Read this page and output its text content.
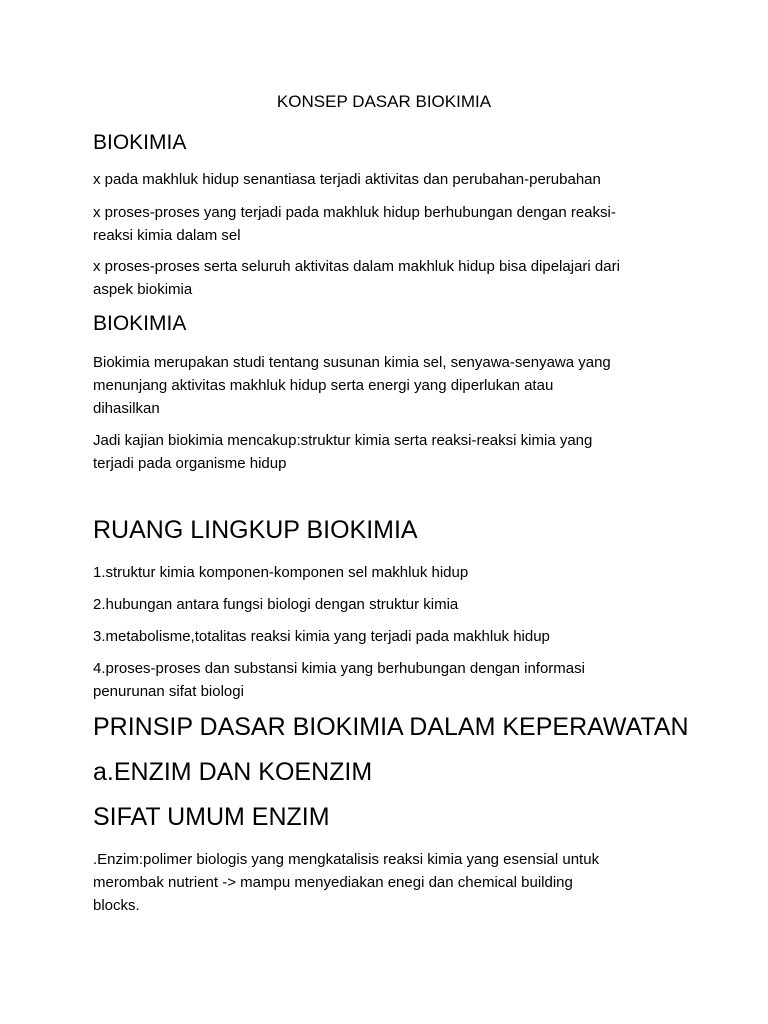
KONSEP DASAR BIOKIMIA

BIOKIMIA

x pada makhluk hidup senantiasa terjadi aktivitas dan perubahan-perubahan

x proses-proses yang terjadi pada makhluk hidup berhubungan dengan reaksi-

reaksi kimia dalam sel

x proses-proses serta seluruh aktivitas dalam makhluk hidup bisa dipelajari dari

aspek biokimia

BIOKIMIA

Biokimia merupakan studi tentang susunan kimia sel, senyawa-senyawa yang

menunjang aktivitas makhluk hidup serta energi yang diperlukan atau

dihasilkan

Jadi kajian biokimia mencakup:struktur kimia serta reaksi-reaksi kimia yang

terjadi pada organisme hidup

RUANG LINGKUP BIOKIMIA

1.struktur kimia komponen-komponen sel makhluk hidup

2.hubungan antara fungsi biologi dengan struktur kimia

3.metabolisme,totalitas reaksi kimia yang terjadi pada makhluk hidup

4.proses-proses dan substansi kimia yang berhubungan dengan informasi

penurunan sifat biologi

PRINSIP DASAR BIOKIMIA DALAM KEPERAWATAN

a.ENZIM DAN KOENZIM

SIFAT UMUM ENZIM

.Enzim:polimer biologis yang mengkatalisis reaksi kimia yang esensial untuk

merombak nutrient -> mampu menyediakan enegi dan chemical building

blocks.
